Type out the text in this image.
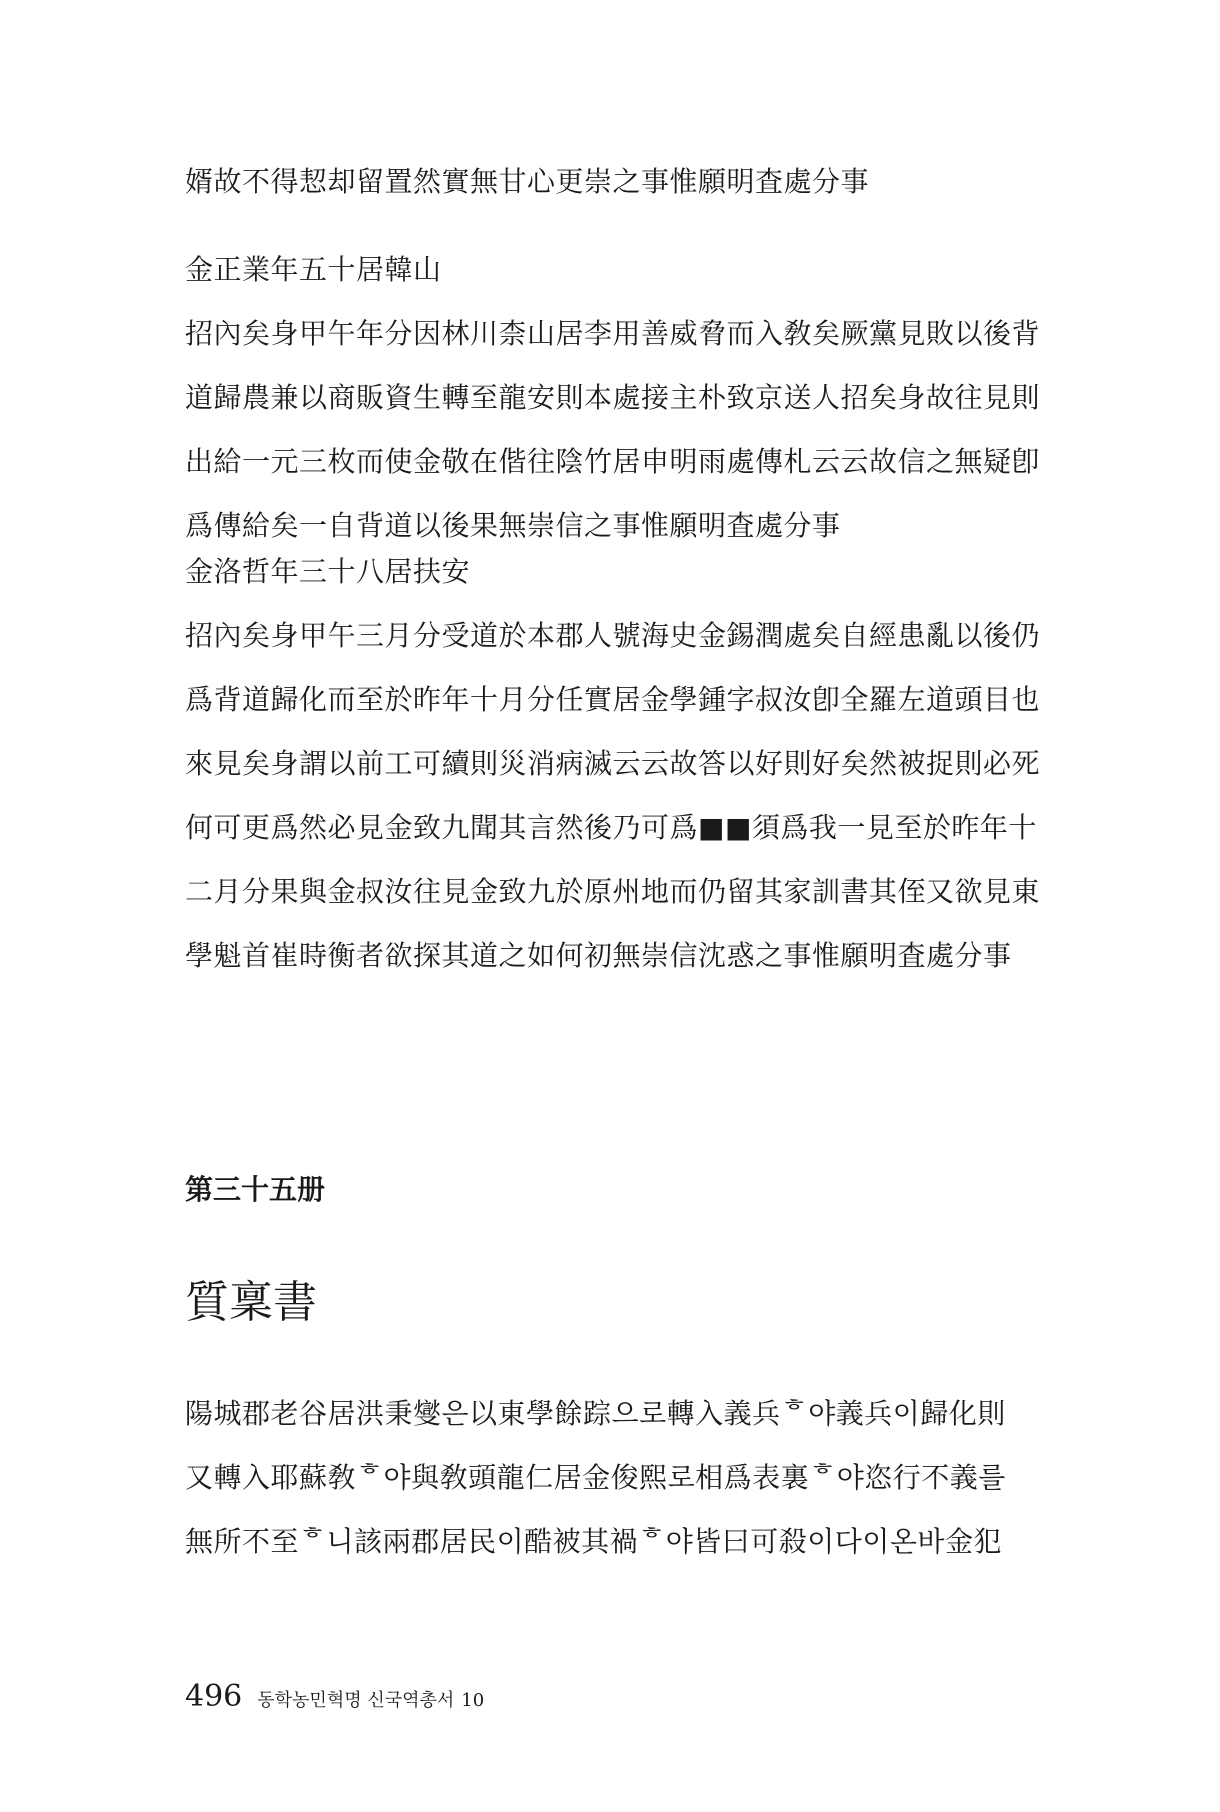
婿故不得恝却留置然實無甘心更崇之事惟願明査處分事
金正業年五十居韓山
招內矣身甲午年分因林川柰山居李用善威脅而入敎矣厥黨見敗以後背
道歸農兼以商販資生轉至龍安則本處接主朴致京送人招矣身故往見則
出給一元三枚而使金敬在偕往陰竹居申明雨處傳札云云故信之無疑卽
爲傳給矣一自背道以後果無崇信之事惟願明査處分事
金洛哲年三十八居扶安
招內矣身甲午三月分受道於本郡人號海史金錫潤處矣自經患亂以後仍
爲背道歸化而至於昨年十月分任實居金學鍾字叔汝卽全羅左道頭目也
來見矣身謂以前工可續則災消病滅云云故答以好則好矣然被捉則必死
何可更爲然必見金致九聞其言然後乃可爲■■須爲我一見至於昨年十
二月分果與金叔汝往見金致九於原州地而仍留其家訓書其侄又欲見東
學魁首崔時衡者欲探其道之如何初無崇信沈惑之事惟願明査處分事
第三十五册
質稟書
陽城郡老谷居洪秉燮은以東學餘踪으로轉入義兵ᄒ야義兵이歸化則
又轉入耶蘇敎ᄒ야與敎頭龍仁居金俊熙로相爲表裏ᄒ야恣行不義를
無所不至ᄒ니該兩郡居民이酷被其禍ᄒ야皆曰可殺이다이온바金犯
496 동학농민혁명 신국역총서 10
